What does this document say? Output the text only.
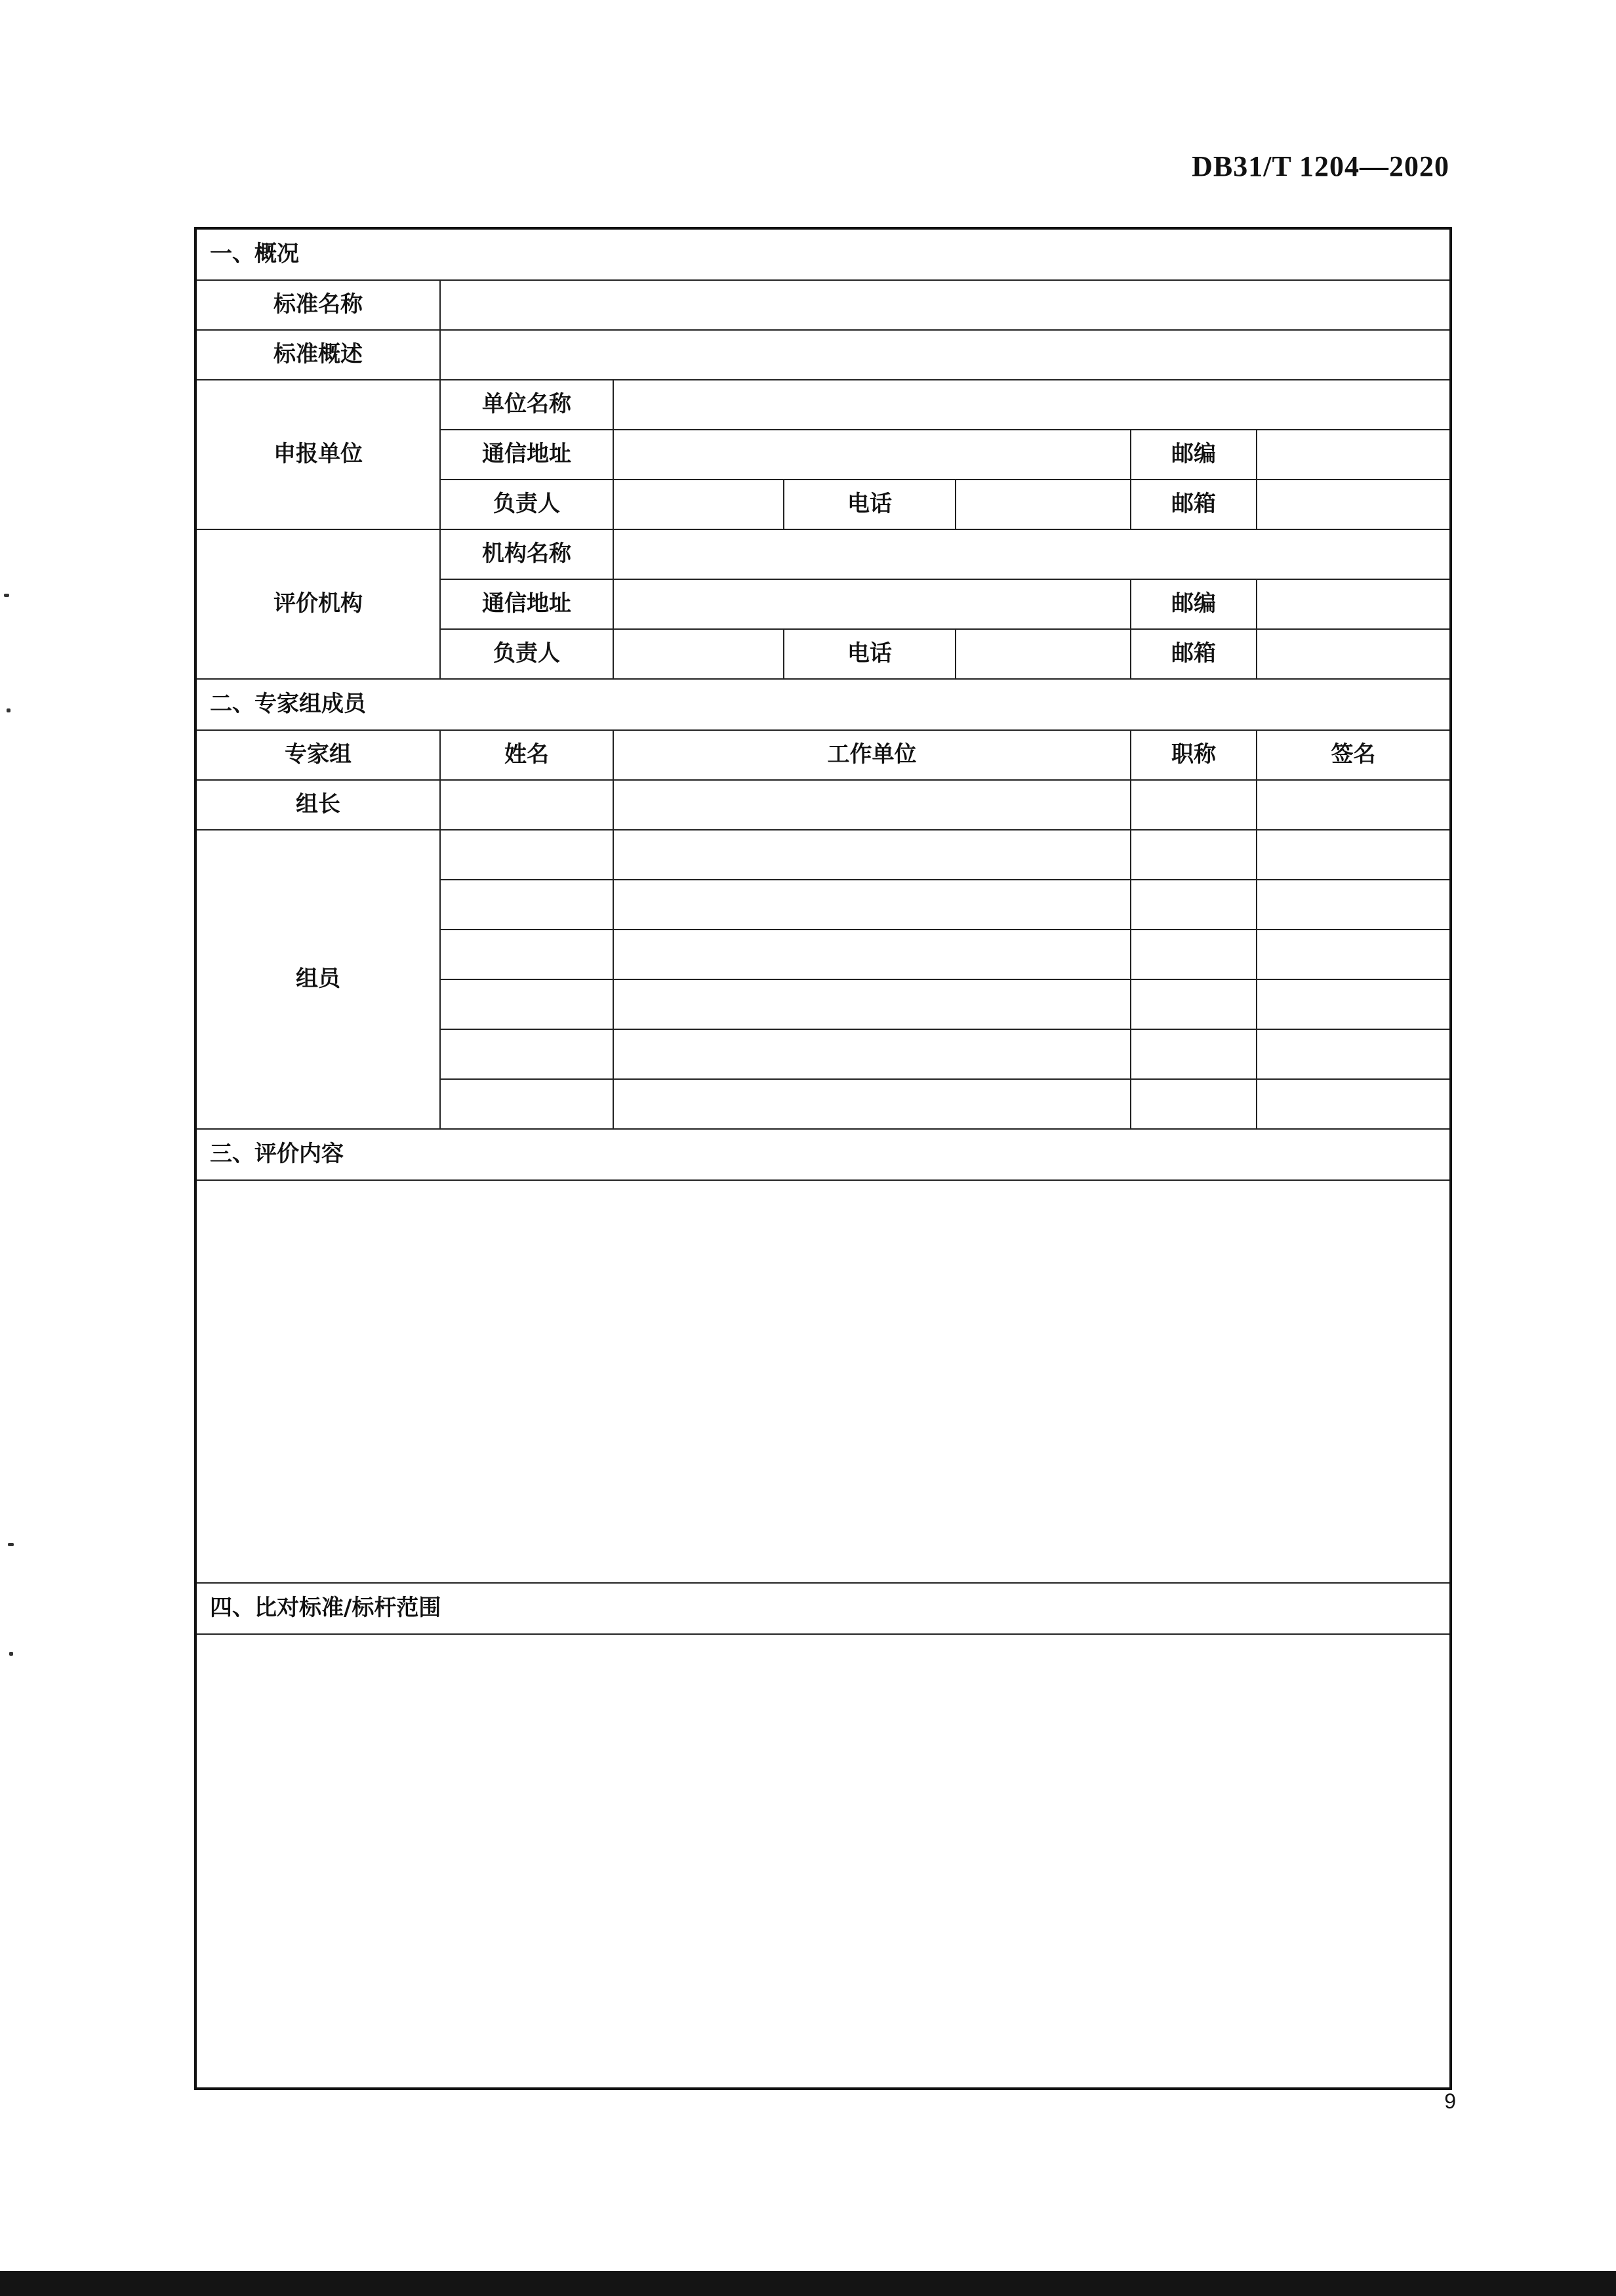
DB31/T 1204—2020
一、概况						
标准名称						
标准概述						
申报单位	单位名称					
	通信地址				邮编	
	负责人		电话		邮箱	
评价机构	机构名称					
	通信地址				邮编	
	负责人		电话		邮箱	
二、专家组成员						
专家组	姓名	工作单位			职称	签名
组长						
组员						

三、评价内容						

四、比对标准/标杆范围						

9
